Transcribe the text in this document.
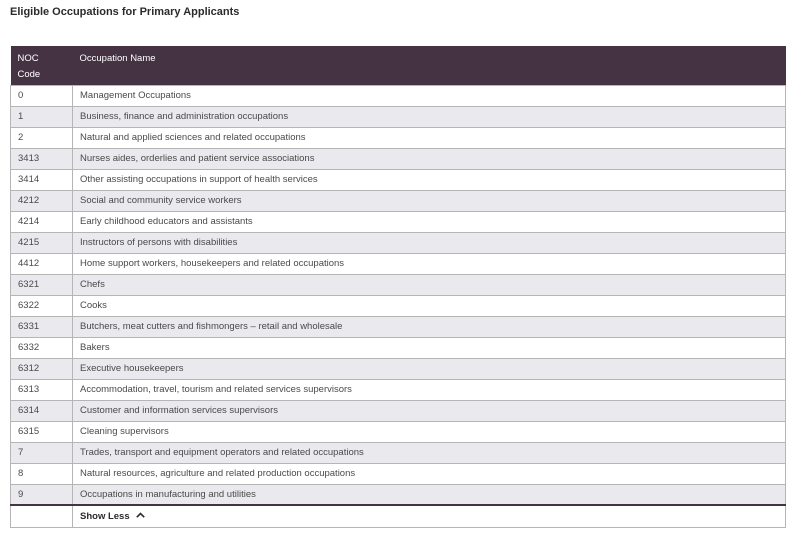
Eligible Occupations for Primary Applicants
NOC
Code	Occupation Name
0	Management Occupations
1	Business, finance and administration occupations
2	Natural and applied sciences and related occupations
3413	Nurses aides, orderlies and patient service associations
3414	Other assisting occupations in support of health services
4212	Social and community service workers
4214	Early childhood educators and assistants
4215	Instructors of persons with disabilities
4412	Home support workers, housekeepers and related occupations
6321	Chefs
6322	Cooks
6331	Butchers, meat cutters and fishmongers – retail and wholesale
6332	Bakers
6312	Executive housekeepers
6313	Accommodation, travel, tourism and related services supervisors
6314	Customer and information services supervisors
6315	Cleaning supervisors
7	Trades, transport and equipment operators and related occupations
8	Natural resources, agriculture and related production occupations
9	Occupations in manufacturing and utilities

	Show Less
